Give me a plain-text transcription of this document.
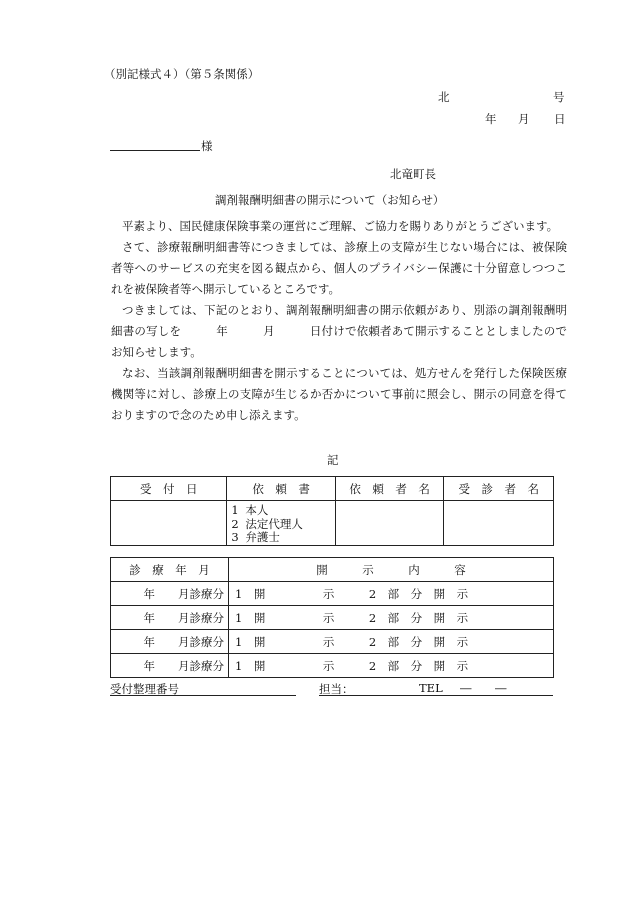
（別記様式４）（第５条関係）
北	号
年 月 日
様
北竜町長
調剤報酬明細書の開示について（お知らせ）

平素より、国民健康保険事業の運営にご理解、ご協力を賜りありがとうございます。

さて、診療報酬明細書等につきましては、診療上の支障が生じない場合には、被保険者等へのサービスの充実を図る観点から、個人のプライバシー保護に十分留意しつつこれを被保険者等へ開示しているところです。

つきましては、下記のとおり、調剤報酬明細書の開示依頼があり、別添の調剤報酬明細書の写しを　　　年　　　月　　　日付けで依頼者あて開示することとしましたのでお知らせします。

なお、当該調剤報酬明細書を開示することについては、処方せんを発行した保険医療機関等に対し、診療上の支障が生じるか否かについて事前に照会し、開示の同意を得ておりますので念のため申し添えます。

記
受　付　日	依　頼　書	依　頼　者　名	受　診　者　名

	1 本人
2 法定代理人
3 弁護士		

診　療　年　月	開　　　示　　　内　　　容
年　　月診療分	1　開　　　　　示　　　2　部　分　開　示
年　　月診療分	1　開　　　　　示　　　2　部　分　開　示
年　　月診療分	1　開　　　　　示　　　2　部　分　開　示
年　　月診療分	1　開　　　　　示　　　2　部　分　開　示
受付整理番号	担当：	TEL ― ―
